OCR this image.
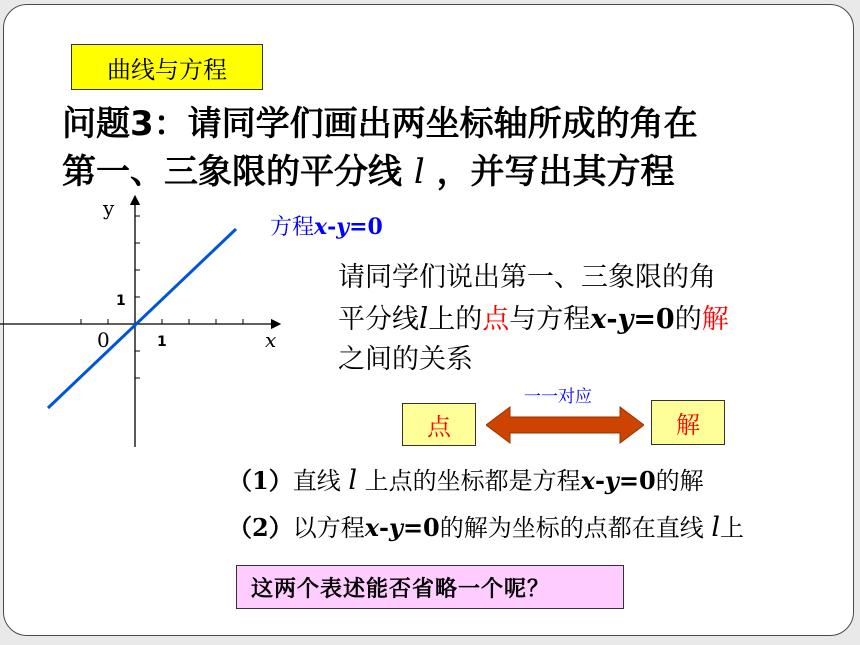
曲线与方程
问题3：请同学们画出两坐标轴所成的角在
第一、三象限的平分线 l ，并写出其方程
y
x
0
1
1
方程x-y=0
请同学们说出第一、三象限的角
平分线l上的点与方程x-y=0的解
之间的关系
一一对应
点	解
（1）直线 l 上点的坐标都是方程x-y=0的解
（2）以方程x-y=0的解为坐标的点都在直线 l上
这两个表述能否省略一个呢？
